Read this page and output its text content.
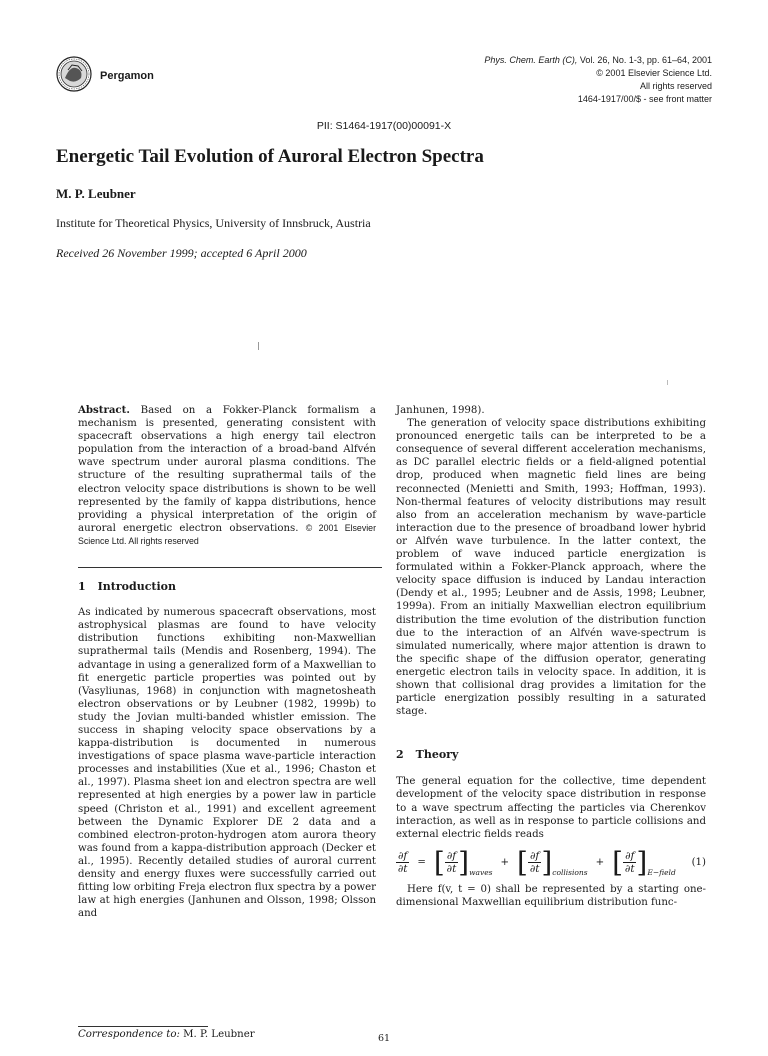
Pergamon
Phys. Chem. Earth (C), Vol. 26, No. 1-3, pp. 61–64, 2001
© 2001 Elsevier Science Ltd.
All rights reserved
1464-1917/00/$ - see front matter
PII: S1464-1917(00)00091-X
Energetic Tail Evolution of Auroral Electron Spectra
M. P. Leubner
Institute for Theoretical Physics, University of Innsbruck, Austria
Received 26 November 1999; accepted 6 April 2000

Abstract. Based on a Fokker-Planck formalism a mechanism is presented, generating consistent with spacecraft observations a high energy tail electron population from the interaction of a broad-band Alfvén wave spectrum under auroral plasma conditions. The structure of the resulting suprathermal tails of the electron velocity space distributions is shown to be well represented by the family of kappa distributions, hence providing a physical interpretation of the origin of auroral energetic electron observations. © 2001 Elsevier Science Ltd. All rights reserved

1 Introduction

As indicated by numerous spacecraft observations, most astrophysical plasmas are found to have velocity distribution functions exhibiting non-Maxwellian suprathermal tails (Mendis and Rosenberg, 1994). The advantage in using a generalized form of a Maxwellian to fit energetic particle properties was pointed out by (Vasyliunas, 1968) in conjunction with magnetosheath electron observations or by Leubner (1982, 1999b) to study the Jovian multi-banded whistler emission. The success in shaping velocity space observations by a kappa-distribution is documented in numerous investigations of space plasma wave-particle interaction processes and instabilities (Xue et al., 1996; Chaston et al., 1997). Plasma sheet ion and electron spectra are well represented at high energies by a power law in particle speed (Christon et al., 1991) and excellent agreement between the Dynamic Explorer DE 2 data and a combined electron-proton-hydrogen atom aurora theory was found from a kappa-distribution approach (Decker et al., 1995). Recently detailed studies of auroral current density and energy fluxes were successfully carried out fitting low orbiting Freja electron flux spectra by a power law at high energies (Janhunen and Olsson, 1998; Olsson and

Janhunen, 1998).

The generation of velocity space distributions exhibiting pronounced energetic tails can be interpreted to be a consequence of several different acceleration mechanisms, as DC parallel electric fields or a field-aligned potential drop, produced when magnetic field lines are being reconnected (Menietti and Smith, 1993; Hoffman, 1993). Non-thermal features of velocity distributions may result also from an acceleration mechanism by wave-particle interaction due to the presence of broadband lower hybrid or Alfvén wave turbulence. In the latter context, the problem of wave induced particle energization is formulated within a Fokker-Planck approach, where the velocity space diffusion is induced by Landau interaction (Dendy et al., 1995; Leubner and de Assis, 1998; Leubner, 1999a). From an initially Maxwellian electron equilibrium distribution the time evolution of the distribution function due to the interaction of an Alfvén wave-spectrum is simulated numerically, where major attention is drawn to the specific shape of the diffusion operator, generating energetic electron tails in velocity space. In addition, it is shown that collisional drag provides a limitation for the particle energization possibly resulting in a saturated stage.

2 Theory

The general equation for the collective, time dependent development of the velocity space distribution in response to a wave spectrum affecting the particles via Cherenkov interaction, as well as in response to particle collisions and external electric fields reads

$\frac{\partial f}{\partial t}$ = [ $\frac{\partial f}{\partial t}$ ] waves
+ [ $\frac{\partial f}{\partial t}$ ] collisions
+ [ $\frac{\partial f}{\partial t}$ ] E−field
(1)

Here f(v, t = 0) shall be represented by a starting one-dimensional Maxwellian equilibrium distribution func-

Correspondence to: M. P. Leubner	61
